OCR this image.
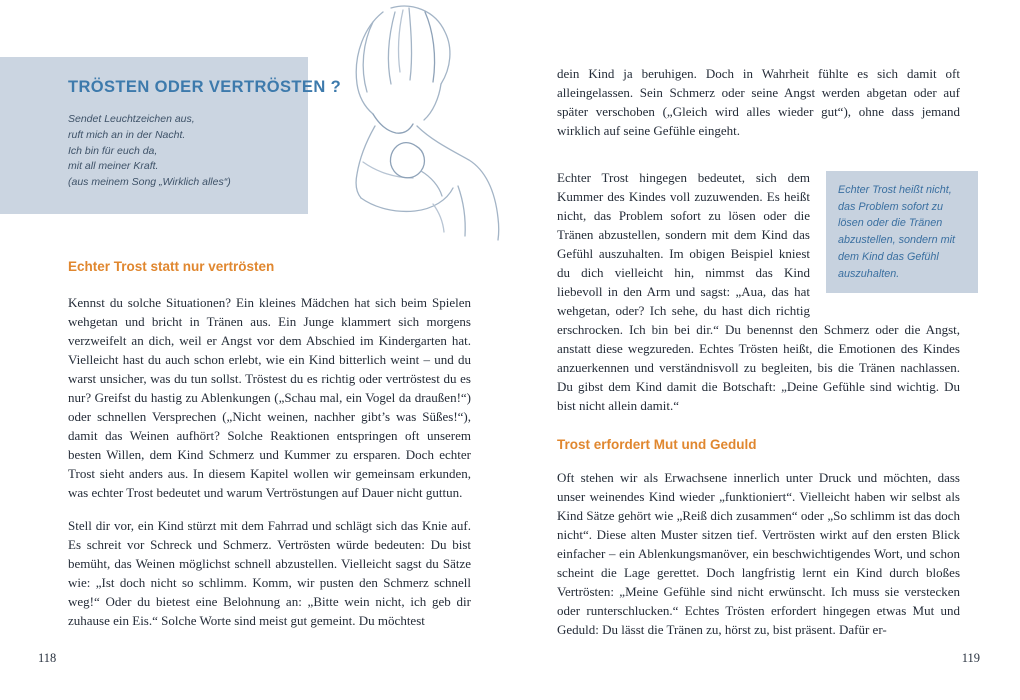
TRÖSTEN ODER VERTRÖSTEN ?
Sendet Leuchtzeichen aus,
ruft mich an in der Nacht.
Ich bin für euch da,
mit all meiner Kraft.
(aus meinem Song „Wirklich alles“)
Echter Trost statt nur vertrösten

Kennst du solche Situationen? Ein kleines Mädchen hat sich beim Spielen wehgetan und bricht in Tränen aus. Ein Junge klammert sich morgens verzweifelt an dich, weil er Angst vor dem Abschied im Kindergarten hat. Vielleicht hast du auch schon erlebt, wie ein Kind bitterlich weint – und du warst unsicher, was du tun sollst. Tröstest du es richtig oder vertröstest du es nur? Greifst du hastig zu Ablenkungen („Schau mal, ein Vogel da draußen!“) oder schnellen Versprechen („Nicht weinen, nachher gibt’s was Süßes!“), damit das Weinen aufhört? Solche Reaktionen entspringen oft unserem besten Willen, dem Kind Schmerz und Kummer zu ersparen. Doch echter Trost sieht anders aus. In diesem Kapitel wollen wir gemeinsam erkunden, was echter Trost bedeutet und warum Vertröstungen auf Dauer nicht guttun.

Stell dir vor, ein Kind stürzt mit dem Fahrrad und schlägt sich das Knie auf. Es schreit vor Schreck und Schmerz. Vertrösten würde bedeuten: Du bist bemüht, das Weinen möglichst schnell abzustellen. Vielleicht sagst du Sätze wie: „Ist doch nicht so schlimm. Komm, wir pusten den Schmerz schnell weg!“ Oder du bietest eine Belohnung an: „Bitte wein nicht, ich geb dir zuhause ein Eis.“ Solche Worte sind meist gut gemeint. Du möchtest

118

dein Kind ja beruhigen. Doch in Wahrheit fühlte es sich damit oft alleingelassen. Sein Schmerz oder seine Angst werden abgetan oder auf später verschoben („Gleich wird alles wieder gut“), ohne dass jemand wirklich auf seine Gefühle eingeht.

Echter Trost heißt nicht, das Problem sofort zu lösen oder die Tränen abzustellen, sondern mit dem Kind das Gefühl auszuhalten.
Echter Trost hingegen bedeutet, sich dem Kummer des Kindes voll zuzuwenden. Es heißt nicht, das Problem sofort zu lösen oder die Tränen abzustellen, sondern mit dem Kind das Gefühl auszuhalten. Im obigen Beispiel kniest du dich vielleicht hin, nimmst das Kind liebevoll in den Arm und sagst: „Aua, das hat wehgetan, oder? Ich sehe, du hast dich richtig erschrocken. Ich bin bei dir.“ Du benennst den Schmerz oder die Angst, anstatt diese wegzureden. Echtes Trösten heißt, die Emotionen des Kindes anzuerkennen und verständnisvoll zu begleiten, bis die Tränen nachlassen. Du gibst dem Kind damit die Botschaft: „Deine Gefühle sind wichtig. Du bist nicht allein damit.“
Trost erfordert Mut und Geduld

Oft stehen wir als Erwachsene innerlich unter Druck und möchten, dass unser weinendes Kind wieder „funktioniert“. Vielleicht haben wir selbst als Kind Sätze gehört wie „Reiß dich zusammen“ oder „So schlimm ist das doch nicht“. Diese alten Muster sitzen tief. Vertrösten wirkt auf den ersten Blick einfacher – ein Ablenkungsmanöver, ein beschwichtigendes Wort, und schon scheint die Lage gerettet. Doch langfristig lernt ein Kind durch bloßes Vertrösten: „Meine Gefühle sind nicht erwünscht. Ich muss sie verstecken oder runterschlucken.“ Echtes Trösten erfordert hingegen etwas Mut und Geduld: Du lässt die Tränen zu, hörst zu, bist präsent. Dafür er-

119
